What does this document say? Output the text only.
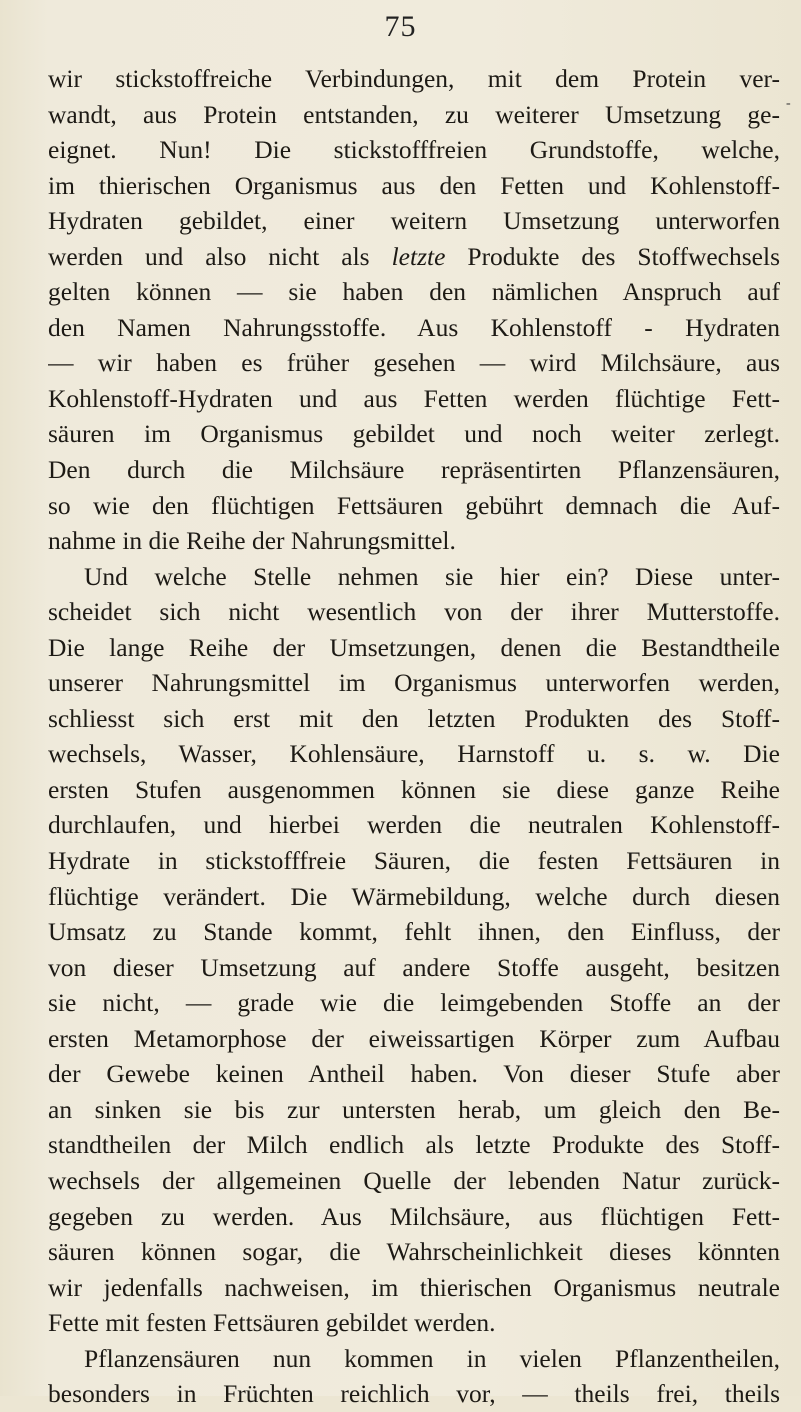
75
-
wir stickstoffreiche Verbindungen, mit dem Protein ver-
wandt, aus Protein entstanden, zu weiterer Umsetzung ge-
eignet. Nun! Die stickstofffreien Grundstoffe, welche,
im thierischen Organismus aus den Fetten und Kohlenstoff-
Hydraten gebildet, einer weitern Umsetzung unterworfen
werden und also nicht als letzte Produkte des Stoffwechsels
gelten können — sie haben den nämlichen Anspruch auf
den Namen Nahrungsstoffe. Aus Kohlenstoff - Hydraten
— wir haben es früher gesehen — wird Milchsäure, aus
Kohlenstoff-Hydraten und aus Fetten werden flüchtige Fett-
säuren im Organismus gebildet und noch weiter zerlegt.
Den durch die Milchsäure repräsentirten Pflanzensäuren,
so wie den flüchtigen Fettsäuren gebührt demnach die Auf-
nahme in die Reihe der Nahrungsmittel.
Und welche Stelle nehmen sie hier ein? Diese unter-
scheidet sich nicht wesentlich von der ihrer Mutterstoffe.
Die lange Reihe der Umsetzungen, denen die Bestandtheile
unserer Nahrungsmittel im Organismus unterworfen werden,
schliesst sich erst mit den letzten Produkten des Stoff-
wechsels, Wasser, Kohlensäure, Harnstoff u. s. w. Die
ersten Stufen ausgenommen können sie diese ganze Reihe
durchlaufen, und hierbei werden die neutralen Kohlenstoff-
Hydrate in stickstofffreie Säuren, die festen Fettsäuren in
flüchtige verändert. Die Wärmebildung, welche durch diesen
Umsatz zu Stande kommt, fehlt ihnen, den Einfluss, der
von dieser Umsetzung auf andere Stoffe ausgeht, besitzen
sie nicht, — grade wie die leimgebenden Stoffe an der
ersten Metamorphose der eiweissartigen Körper zum Aufbau
der Gewebe keinen Antheil haben. Von dieser Stufe aber
an sinken sie bis zur untersten herab, um gleich den Be-
standtheilen der Milch endlich als letzte Produkte des Stoff-
wechsels der allgemeinen Quelle der lebenden Natur zurück-
gegeben zu werden. Aus Milchsäure, aus flüchtigen Fett-
säuren können sogar, die Wahrscheinlichkeit dieses könnten
wir jedenfalls nachweisen, im thierischen Organismus neutrale
Fette mit festen Fettsäuren gebildet werden.
Pflanzensäuren nun kommen in vielen Pflanzentheilen,
besonders in Früchten reichlich vor, — theils frei, theils
